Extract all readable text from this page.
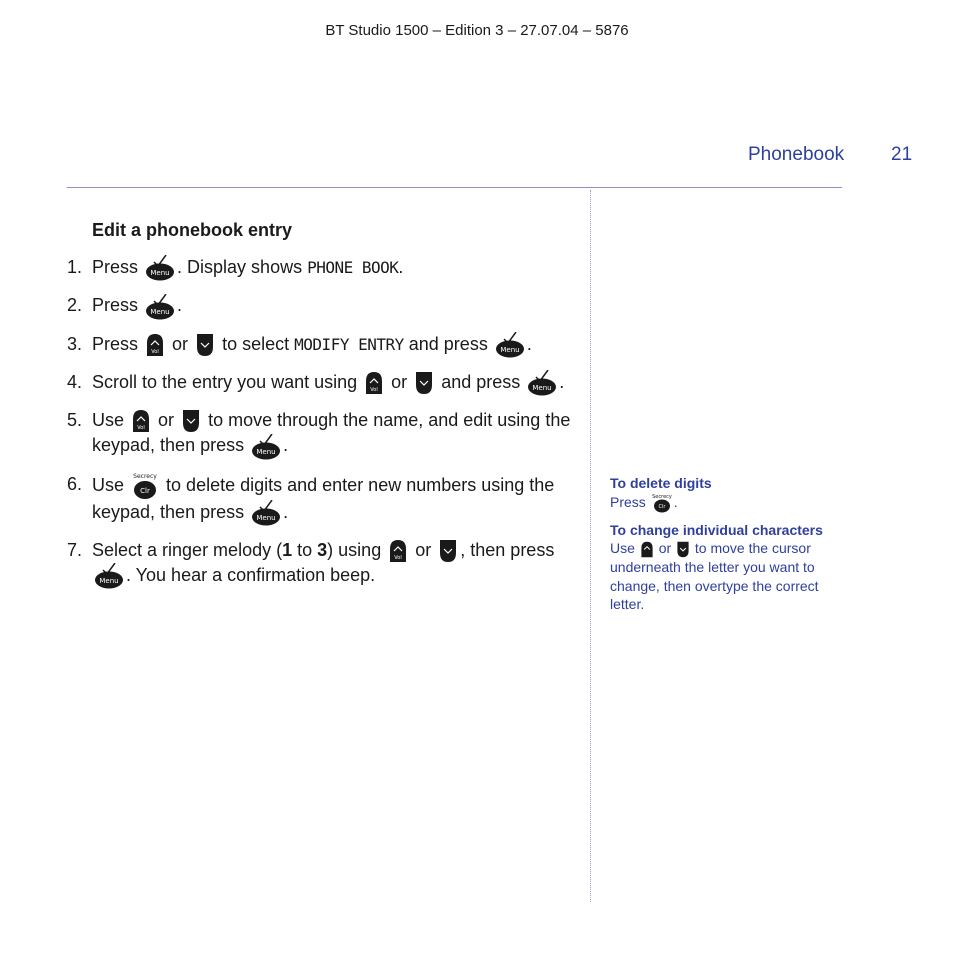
BT Studio 1500 – Edition 3 – 27.07.04 – 5876
Phonebook 21
Edit a phonebook entry
1. Press Menu . Display shows PHONE BOOK.
2. Press Menu .
3. Press	Vol or to select MODIFY ENTRY and press Menu .
4. Scroll to the entry you want using	Vol or and press Menu .
5. Use	Vol or to move through the name, and edit using the keypad, then press Menu .
6. Use Secrecy
Clr to delete digits and enter new numbers using the keypad, then press Menu .
7. Select a ringer melody (1 to 3) using	Vol or , then press
Menu . You hear a confirmation beep.

To delete digits

Press Secrecy
Clr .

To change individual characters

Use or to move the cursor underneath the letter you want to change, then overtype the correct letter.
